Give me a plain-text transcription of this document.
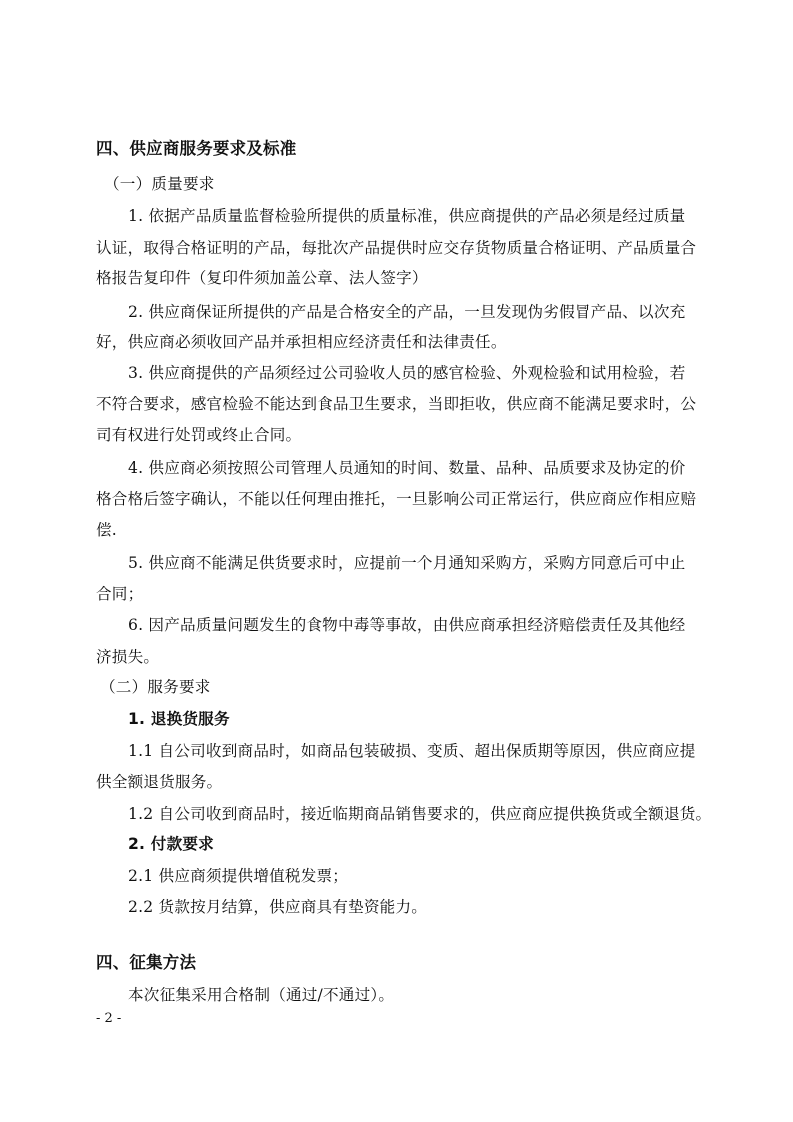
四、供应商服务要求及标准
（一）质量要求
1. 依据产品质量监督检验所提供的质量标准，供应商提供的产品必须是经过质量
认证，取得合格证明的产品，每批次产品提供时应交存货物质量合格证明、产品质量合
格报告复印件（复印件须加盖公章、法人签字）
2. 供应商保证所提供的产品是合格安全的产品，一旦发现伪劣假冒产品、以次充
好，供应商必须收回产品并承担相应经济责任和法律责任。
3. 供应商提供的产品须经过公司验收人员的感官检验、外观检验和试用检验，若
不符合要求，感官检验不能达到食品卫生要求，当即拒收，供应商不能满足要求时，公
司有权进行处罚或终止合同。
4. 供应商必须按照公司管理人员通知的时间、数量、品种、品质要求及协定的价
格合格后签字确认，不能以任何理由推托，一旦影响公司正常运行，供应商应作相应赔
偿.
5. 供应商不能满足供货要求时，应提前一个月通知采购方，采购方同意后可中止
合同；
6. 因产品质量问题发生的食物中毒等事故，由供应商承担经济赔偿责任及其他经
济损失。
（二）服务要求
1. 退换货服务
1.1 自公司收到商品时，如商品包装破损、变质、超出保质期等原因，供应商应提
供全额退货服务。
1.2 自公司收到商品时，接近临期商品销售要求的，供应商应提供换货或全额退货。
2. 付款要求
2.1 供应商须提供增值税发票；
2.2 货款按月结算，供应商具有垫资能力。
四、征集方法
本次征集采用合格制（通过/不通过）。
- 2 -
